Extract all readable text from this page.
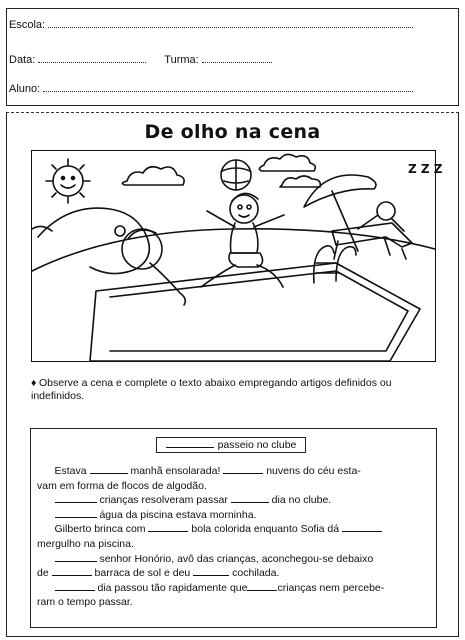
Escola:
Data:	Turma:
Aluno:
De olho na cena
Z Z Z
♦ Observe a cena e complete o texto abaixo empregando artigos definidos ou indefinidos.
passeio no clube

Estava	manhã ensolarada!	nuvens do céu esta-

vam em forma de flocos de algodão.

crianças resolveram passar	dia no clube.

água da piscina estava morninha.

Gilberto brinca com	bola colorida enquanto Sofia dá

mergulho na piscina.

senhor Honório, avô das crianças, aconchegou-se debaixo

de	barraca de sol e deu	cochilada.

dia passou tão rapidamente que	crianças nem percebe-

ram o tempo passar.
